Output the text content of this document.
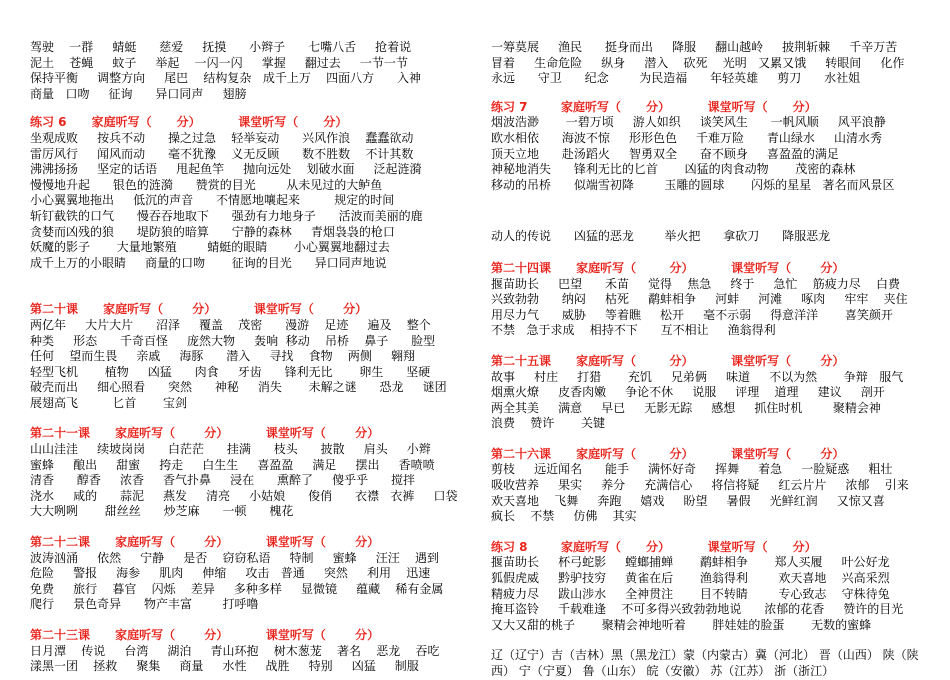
驾驶    一群     蜻蜓      慈爱     抚摸      小辫子      七嘴八舌     抢着说
泥土    苍蝇     蚊子     举起    一闪一闪     掌握     翻过去     一节一节
保持平衡     调整方向     尾巴    结构复杂   成千上万    四面八方      入神
商量   口吻     征询      异口同声     翅膀
练习 6      家庭听写（      分）         课堂听写（      分）
坐观成败     按兵不动      操之过急    轻举妄动      兴风作浪    蠢蠢欲动
雷厉风行     闻风而动      毫不犹豫    义无反顾      数不胜数    不计其数
沸沸扬扬     坚定的话语     甩起鱼竿     抛向远处    划破水面     泛起涟漪
慢慢地升起      银色的涟漪      赞赏的目光        从未见过的大鲈鱼
小心翼翼地拖出     低沉的声音      不情愿地嚷起来         规定的时间
斩钉截铁的口气      慢吞吞地取下      强劲有力地身子      活波而美丽的鹿
贪婪而凶残的狼      堤防狼的暗算      宁静的森林     青烟袅袅的枪口
妖魔的影子       大量地繁殖        蜻蜓的眼睛       小心翼翼地翻过去
成千上万的小眼睛     商量的口吻       征询的目光      异口同声地说
第二十课      家庭听写（       分）         课堂听写（       分）
两亿年     大片大片      沼泽     覆盖    茂密      漫游    足迹     遍及    整个
种类     形态      千奇百怪     庞然大物     轰响  移动    吊桥    鼻子      脸型
任何    望而生畏     亲戚     海豚      潜入     寻找    食物    两侧     翱翔
轻型飞机       植物     凶猛      肉食     牙齿      锋利无比       卵生      坚硬
破壳而出     细心照看      突然      神秘     消失       未解之谜      恐龙     谜团
展翅高飞         匕首       宝剑
第二十一课      家庭听写（       分）         课堂听写（       分）
山山洼洼     续坡岗岗      白茫茫      挂满      枝头      披散     肩头     小辫
蜜蜂     酿出     甜蜜     挎走     白生生     喜盈盈     满足     摆出     香喷喷
清香      醇香     浓香     香气扑鼻     浸在      熏醉了     傻乎乎      搅拌
浇水     咸的      蒜泥     燕发     清亮     小姑娘      俊俏      衣襟   衣裤     口袋
大大咧咧       甜丝丝      炒芝麻      一顿      槐花
第二十二课      家庭听写（       分）         课堂听写（       分）
波涛汹涌     依然     宁静     是否    窃窃私语     特制     蜜蜂     汪汪    遇到
危险     警报     海参     肌肉     伸缩     攻击   普通     突然     利用    迅速
免费     旅行    暮官    闪烁    差异     多种多样     显微镜     蕴藏    稀有金属
爬行     景色奇异      物产丰富        打呼噜
第二十三课      家庭听写（       分）         课堂听写（       分）
日月潭    传说     台湾     湖泊     青山环抱    树木葱茏    著名    恶龙    吞吃
漾黑一团    拯救     聚集     商量     水性     战胜     特别     凶猛     制服
一筹莫展     渔民      挺身而出     降服     翻山越岭     披荆斩棘     千辛万苦
冒着     生命危险     纵身     潜入    砍死    光明   又累又饿     转眼间     化作
永远      守卫      纪念        为民造福      年轻英雄     剪刀      水社姐
练习 7        家庭听写（      分）         课堂听写（      分）
烟波浩渺       一碧万顷     游人如织     谈笑风生      一帆风顺     风平浪静
欧水相依      海波不惊     形形色色     千难万险      青山绿水     山清水秀
顶天立地      赴汤蹈火     智勇双全      奋不顾身     喜盈盈的满足
神秘地消失      锋利无比的匕首       凶猛的肉食动物       茂密的森林
移动的吊桥      似端雪初降        玉雕的圆球       闪烁的星星   著名而风景区
动人的传说      凶猛的恶龙        举火把      拿砍刀      降服恶龙
第二十四课      家庭听写（        分）         课堂听写（       分）
揠苗助长     巴望      禾苗     觉得    焦急     终于     急忙    筋疲力尽    白费
兴致勃勃      纳闷     枯死     鹬蚌相争     河蚌     河滩     啄肉     牢牢    夹住
用尽力气      威胁     等着瞧     松开     毫不示弱     得意洋洋       喜笑颜开
不禁   急于求成    相持不下      互不相让     渔翁得利
第二十五课      家庭听写（        分）         课堂听写（       分）
故事     村庄     打猎       充饥     兄弟俩     味道     不以为然       争辩   服气
烟熏火燎     皮香肉嫩     争论不休     说服     评理    道理     建议     剖开
两全其美     满意     早已     无影无踪     感想     抓住时机        聚精会神
浪费    赞许       关键
第二十六课      家庭听写（        分）         课堂听写（       分）
剪枝     远近闻名      能手     满怀好奇     挥舞     着急     一脸疑惑     粗壮
吸收营养     果实     养分     充满信心     将信将疑     红云片片     浓郁    引来
欢天喜地    飞舞     奔跑     嬉戏     盼望     暑假     光鲜红润     又惊又喜
疯长    不禁     仿佛    其实
练习 8        家庭听写（      分）         课堂听写（      分）
揠苗助长     杯弓蛇影     螳螂捕蝉       鹬蚌相争       郑人买履     叶公好龙
狐假虎威     黔驴技穷     黄雀在后       渔翁得利        欢天喜地    兴高采烈
精疲力尽     跋山涉水     全神贯注       目不转睛        专心致志    守株待兔
掩耳盗铃     千载难逢    不可多得兴致勃勃地说      浓郁的花香     赞许的目光
又大又甜的桃子       聚精会神地听着       胖娃娃的脸蛋       无数的蜜蜂
辽（辽宁）吉（吉林）黑（黑龙江）蒙（内蒙古）冀（河北） 晋（山西） 陕（陕西） 宁（宁夏） 鲁（山东） 皖（安徽） 苏（江苏） 浙（浙江）
